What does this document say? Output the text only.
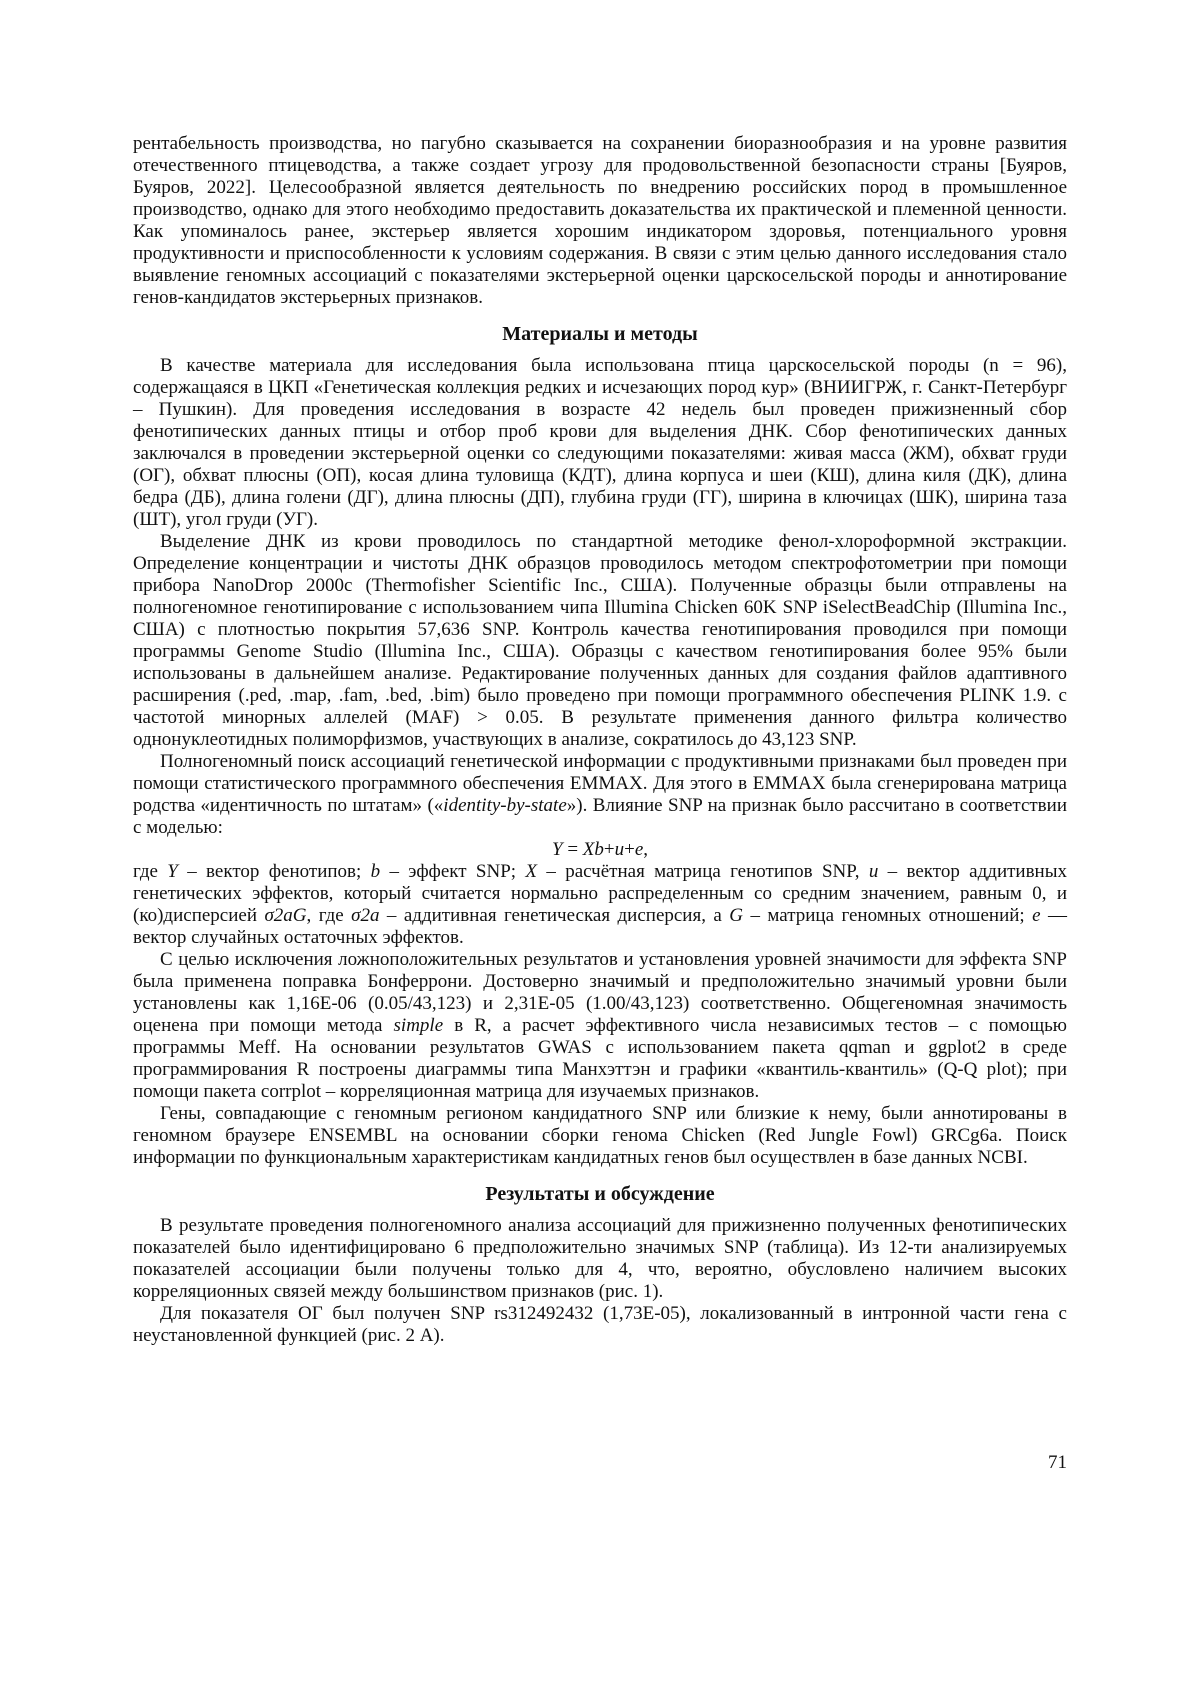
рентабельность производства, но пагубно сказывается на сохранении биоразнообразия и на уровне развития отечественного птицеводства, а также создает угрозу для продовольственной безопасности страны [Буяров, Буяров, 2022]. Целесообразной является деятельность по внедрению российских пород в промышленное производство, однако для этого необходимо предоставить доказательства их практической и племенной ценности. Как упоминалось ранее, экстерьер является хорошим индикатором здоровья, потенциального уровня продуктивности и приспособленности к условиям содержания. В связи с этим целью данного исследования стало выявление геномных ассоциаций с показателями экстерьерной оценки царскосельской породы и аннотирование генов-кандидатов экстерьерных признаков.

Материалы и методы

В качестве материала для исследования была использована птица царскосельской породы (n = 96), содержащаяся в ЦКП «Генетическая коллекция редких и исчезающих пород кур» (ВНИИГРЖ, г. Санкт-Петербург – Пушкин). Для проведения исследования в возрасте 42 недель был проведен прижизненный сбор фенотипических данных птицы и отбор проб крови для выделения ДНК. Сбор фенотипических данных заключался в проведении экстерьерной оценки со следующими показателями: живая масса (ЖМ), обхват груди (ОГ), обхват плюсны (ОП), косая длина туловища (КДТ), длина корпуса и шеи (КШ), длина киля (ДК), длина бедра (ДБ), длина голени (ДГ), длина плюсны (ДП), глубина груди (ГГ), ширина в ключицах (ШК), ширина таза (ШТ), угол груди (УГ).

Выделение ДНК из крови проводилось по стандартной методике фенол-хлороформной экстракции. Определение концентрации и чистоты ДНК образцов проводилось методом спектрофотометрии при помощи прибора NanoDrop 2000c (Thermofisher Scientific Inc., США). Полученные образцы были отправлены на полногеномное генотипирование с использованием чипа Illumina Chicken 60K SNP iSelectBeadChip (Illumina Inc., США) с плотностью покрытия 57,636 SNP. Контроль качества генотипирования проводился при помощи программы Genome Studio (Illumina Inc., США). Образцы с качеством генотипирования более 95% были использованы в дальнейшем анализе. Редактирование полученных данных для создания файлов адаптивного расширения (.ped, .map, .fam, .bed, .bim) было проведено при помощи программного обеспечения PLINK 1.9. с частотой минорных аллелей (MAF) > 0.05. В результате применения данного фильтра количество однонуклеотидных полиморфизмов, участвующих в анализе, сократилось до 43,123 SNP.

Полногеномный поиск ассоциаций генетической информации с продуктивными признаками был проведен при помощи статистического программного обеспечения EMMAX. Для этого в EMMAX была сгенерирована матрица родства «идентичность по штатам» («identity-by-state»). Влияние SNP на признак было рассчитано в соответствии с моделью:

Y = Xb+u+e,

где Y – вектор фенотипов; b – эффект SNP; X – расчётная матрица генотипов SNP, u – вектор аддитивных генетических эффектов, который считается нормально распределенным со средним значением, равным 0, и (ко)дисперсией σ2aG, где σ2a – аддитивная генетическая дисперсия, а G – матрица геномных отношений; e — вектор случайных остаточных эффектов.

С целью исключения ложноположительных результатов и установления уровней значимости для эффекта SNP была применена поправка Бонферрони. Достоверно значимый и предположительно значимый уровни были установлены как 1,16E-06 (0.05/43,123) и 2,31E-05 (1.00/43,123) соответственно. Общегеномная значимость оценена при помощи метода simple в R, а расчет эффективного числа независимых тестов – с помощью программы Meff. На основании результатов GWAS с использованием пакета qqman и ggplot2 в среде программирования R построены диаграммы типа Манхэттэн и графики «квантиль-квантиль» (Q-Q plot); при помощи пакета corrplot – корреляционная матрица для изучаемых признаков.

Гены, совпадающие с геномным регионом кандидатного SNP или близкие к нему, были аннотированы в геномном браузере ENSEMBL на основании сборки генома Chicken (Red Jungle Fowl) GRCg6a. Поиск информации по функциональным характеристикам кандидатных генов был осуществлен в базе данных NCBI.

Результаты и обсуждение

В результате проведения полногеномного анализа ассоциаций для прижизненно полученных фенотипических показателей было идентифицировано 6 предположительно значимых SNP (таблица). Из 12-ти анализируемых показателей ассоциации были получены только для 4, что, вероятно, обусловлено наличием высоких корреляционных связей между большинством признаков (рис. 1).

Для показателя ОГ был получен SNP rs312492432 (1,73E-05), локализованный в интронной части гена с неустановленной функцией (рис. 2 А).

71
